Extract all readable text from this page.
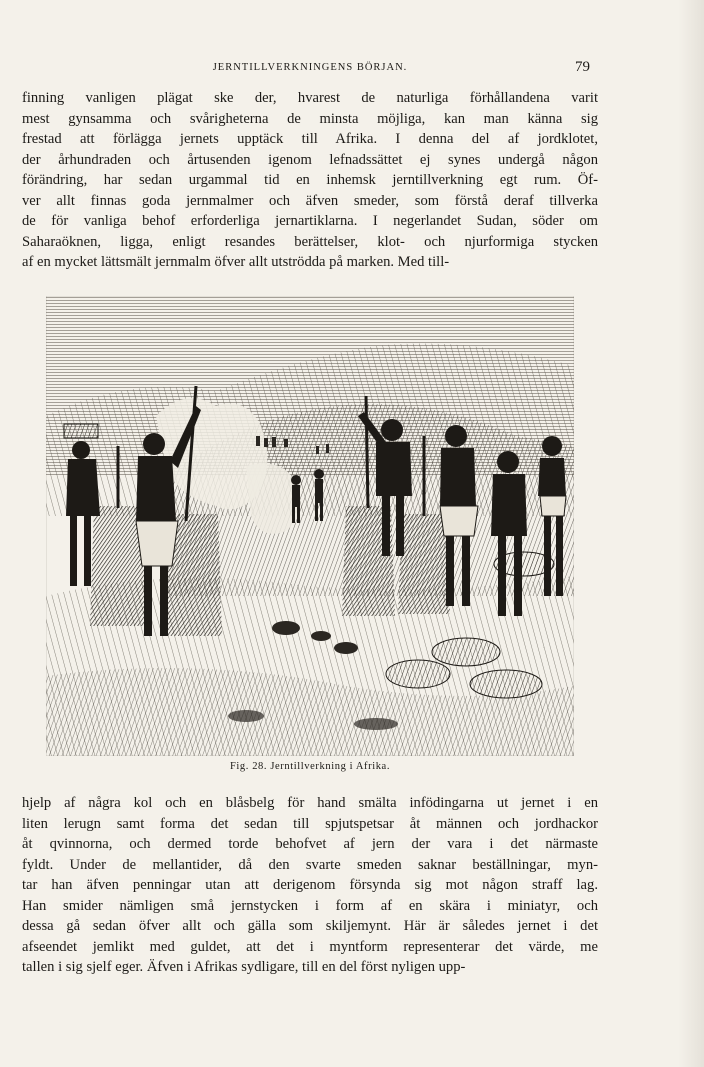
JERNTILLVERKNINGENS BÖRJAN.	79
finning vanligen plägat ske der, hvarest de naturliga förhållandena varit
mest gynsamma och svårigheterna de minsta möjliga, kan man känna sig
frestad att förlägga jernets upptäck till Afrika. I denna del af jordklotet,
der århundraden och årtusenden igenom lefnadssättet ej synes undergå någon
förändring, har sedan urgammal tid en inhemsk jerntillverkning egt rum. Öf-
ver allt finnas goda jernmalmer och äfven smeder, som förstå deraf tillverka
de för vanliga behof erforderliga jernartiklarna. I negerlandet Sudan, söder om
Saharaöknen, ligga, enligt resandes berättelser, klot- och njurformiga stycken
af en mycket lättsmält jernmalm öfver allt utströdda på marken. Med till-
Fig. 28. Jerntillverkning i Afrika.
hjelp af några kol och en blåsbelg för hand smälta infödingarna ut jernet i en
liten lerugn samt forma det sedan till spjutspetsar åt männen och jordhackor
åt qvinnorna, och dermed torde behofvet af jern der vara i det närmaste
fyldt. Under de mellantider, då den svarte smeden saknar beställningar, myn-
tar han äfven penningar utan att derigenom försynda sig mot någon straff lag.
Han smider nämligen små jernstycken i form af en skära i miniatyr, och
dessa gå sedan öfver allt och gälla som skiljemynt. Här är således jernet i det
afseendet jemlikt med guldet, att det i myntform representerar det värde, me
tallen i sig sjelf eger. Äfven i Afrikas sydligare, till en del först nyligen upp-
